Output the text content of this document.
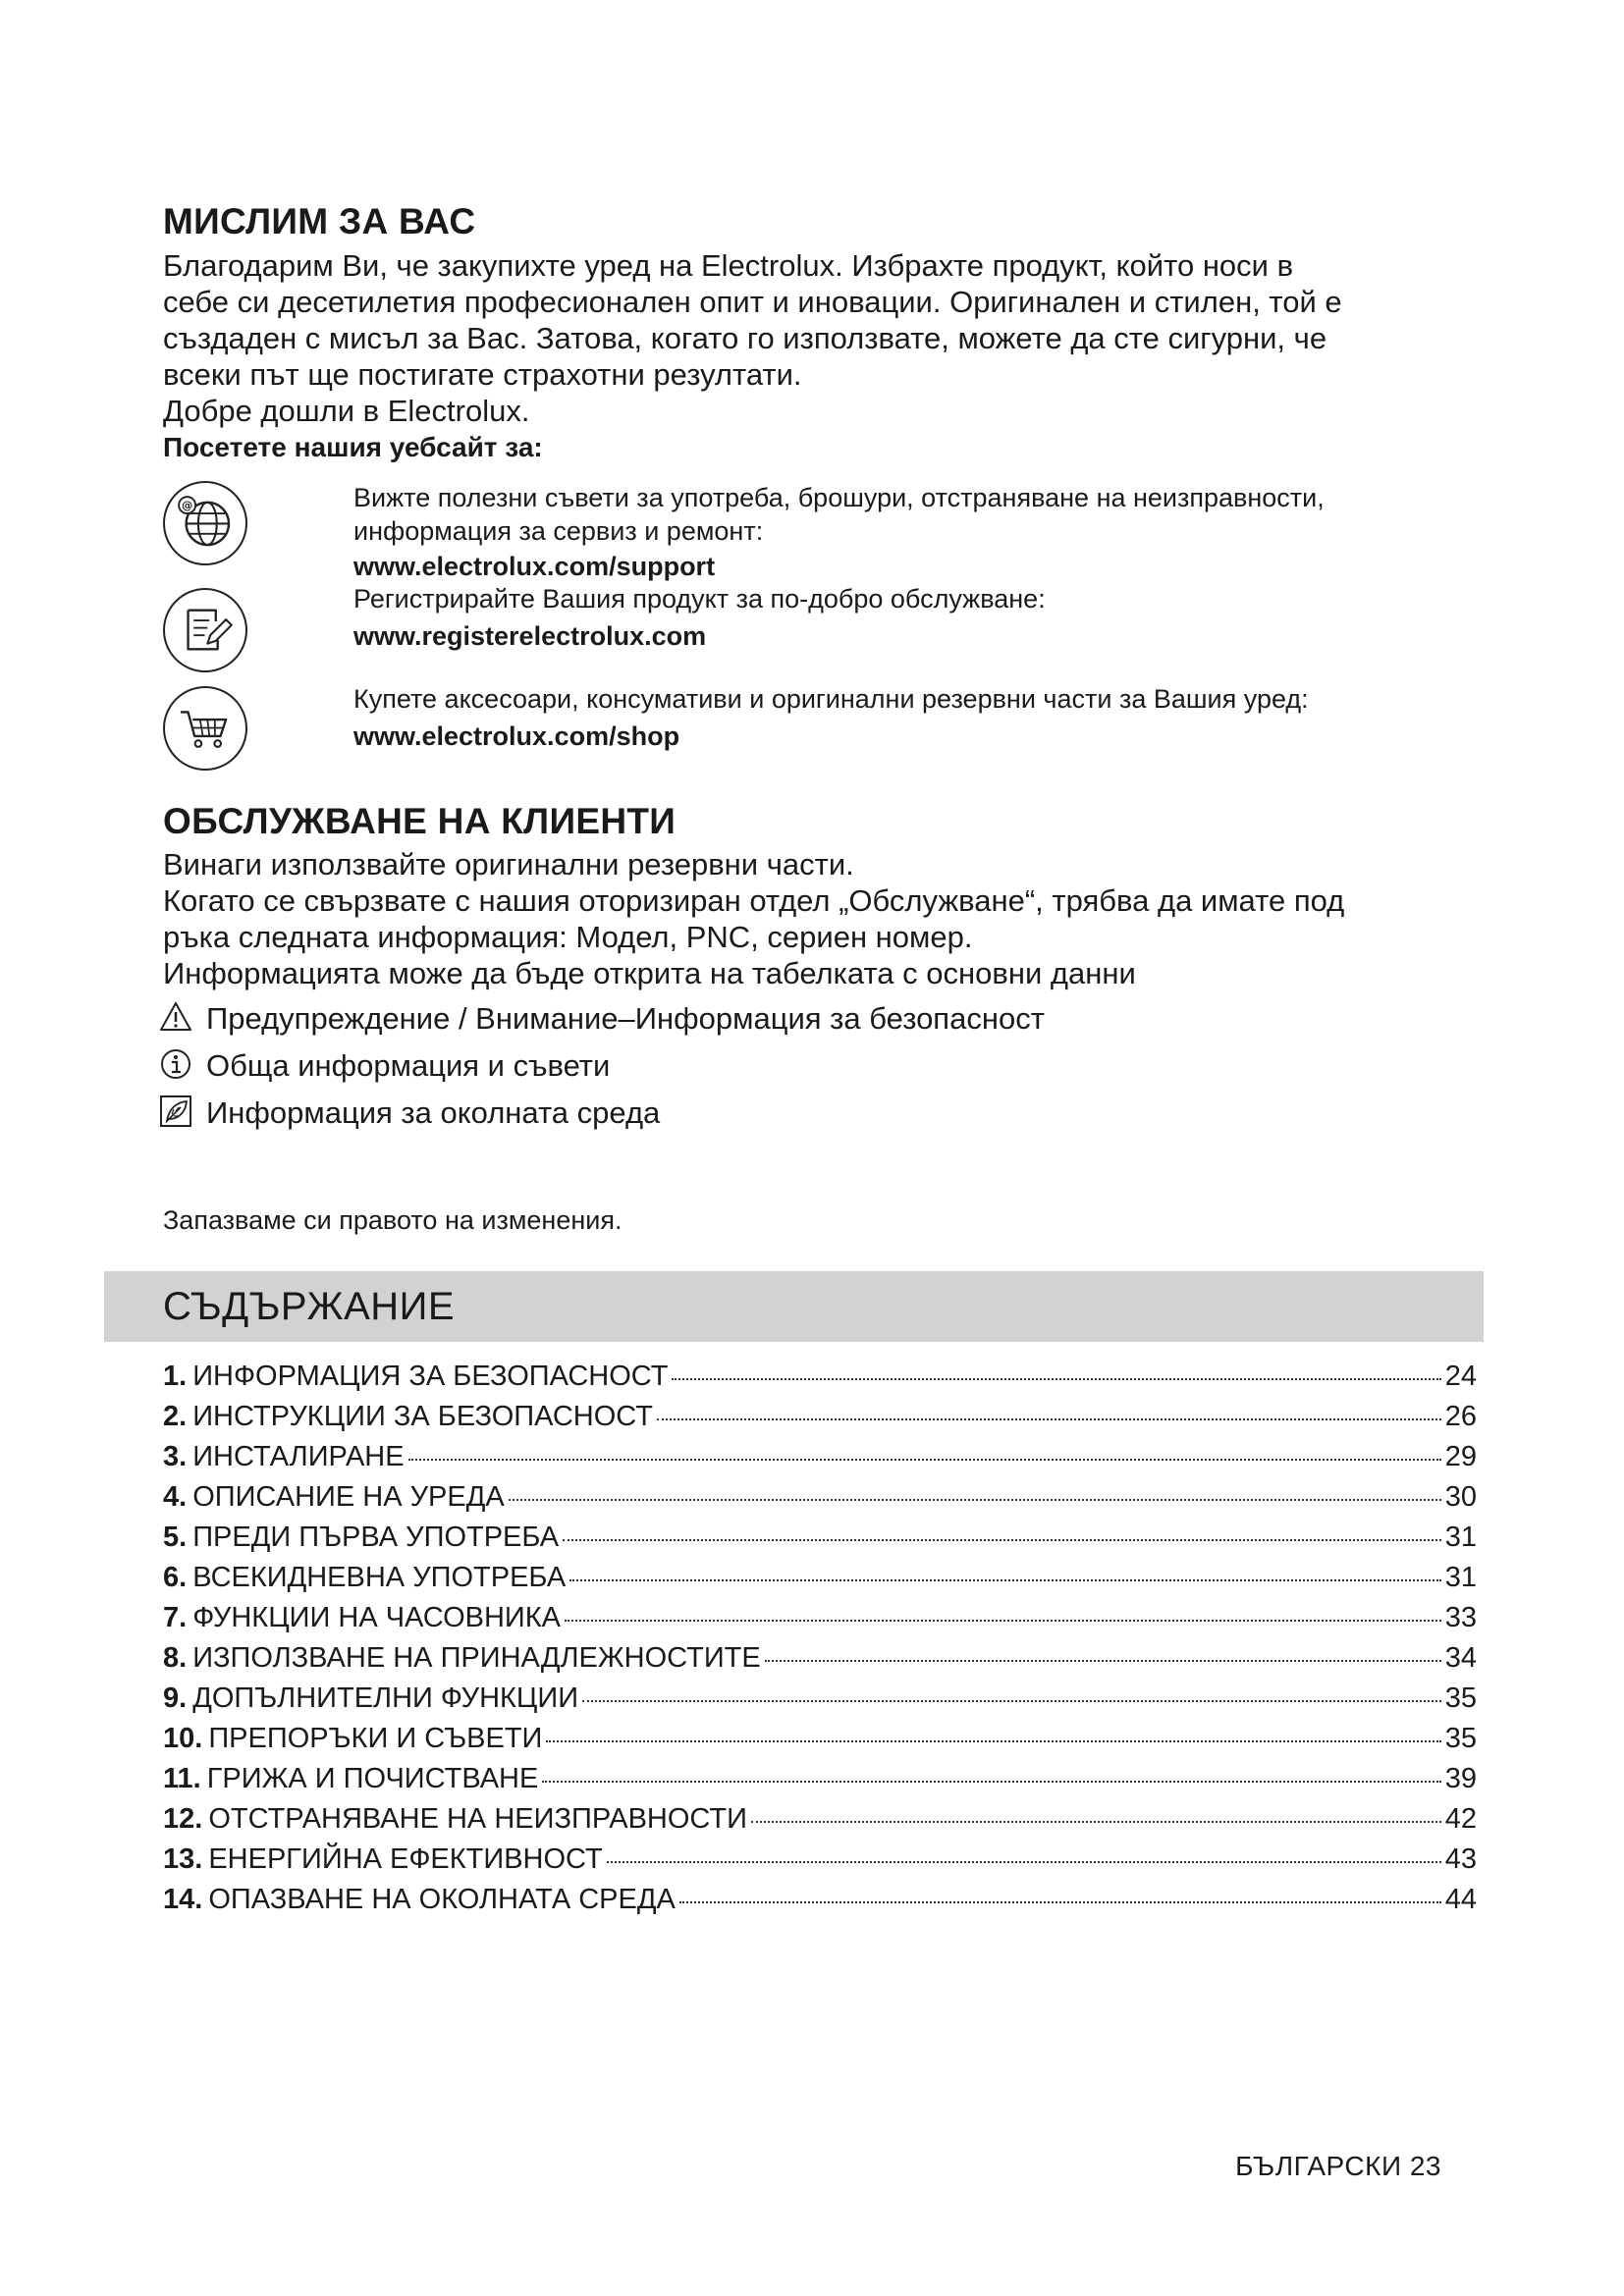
МИСЛИМ ЗА ВАС

Благодарим Ви, че закупихте уред на Electrolux. Избрахте продукт, който носи в

себе си десетилетия професионален опит и иновации. Оригинален и стилен, той е

създаден с мисъл за Вас. Затова, когато го използвате, можете да сте сигурни, че

всеки път ще постигате страхотни резултати.

Добре дошли в Electrolux.

Посетете нашия уебсайт за:

@	Вижте полезни съвети за употреба, брошури, отстраняване на неизправности,
информация за сервиз и ремонт:
www.electrolux.com/support
Регистрирайте Вашия продукт за по-добро обслужване:
www.registerelectrolux.com
Купете аксесоари, консумативи и оригинални резервни части за Вашия уред:
www.electrolux.com/shop
ОБСЛУЖВАНЕ НА КЛИЕНТИ

Винаги използвайте оригинални резервни части.

Когато се свързвате с нашия оторизиран отдел „Обслужване“, трябва да имате под

ръка следната информация: Модел, PNC, сериен номер.

Информацията може да бъде открита на табелката с основни данни

Предупреждение / Внимание–Информация за безопасност
Обща информация и съвети
Информация за околната среда
Запазваме си правото на изменения.
СЪДЪРЖАНИЕ
1. ИНФОРМАЦИЯ ЗА БЕЗОПАСНОСТ	24
2. ИНСТРУКЦИИ ЗА БЕЗОПАСНОСТ	26
3. ИНСТАЛИРАНЕ	29
4. ОПИСАНИЕ НА УРЕДА	30
5. ПРЕДИ ПЪРВА УПОТРЕБА	31
6. ВСЕКИДНЕВНА УПОТРЕБА	31
7. ФУНКЦИИ НА ЧАСОВНИКА	33
8. ИЗПОЛЗВАНЕ НА ПРИНАДЛЕЖНОСТИТЕ	34
9. ДОПЪЛНИТЕЛНИ ФУНКЦИИ	35
10. ПРЕПОРЪКИ И СЪВЕТИ	35
11. ГРИЖА И ПОЧИСТВАНЕ	39
12. ОТСТРАНЯВАНЕ НА НЕИЗПРАВНОСТИ	42
13. ЕНЕРГИЙНА ЕФЕКТИВНОСТ	43
14. ОПАЗВАНЕ НА ОКОЛНАТА СРЕДА	44
БЪЛГАРСКИ 23
